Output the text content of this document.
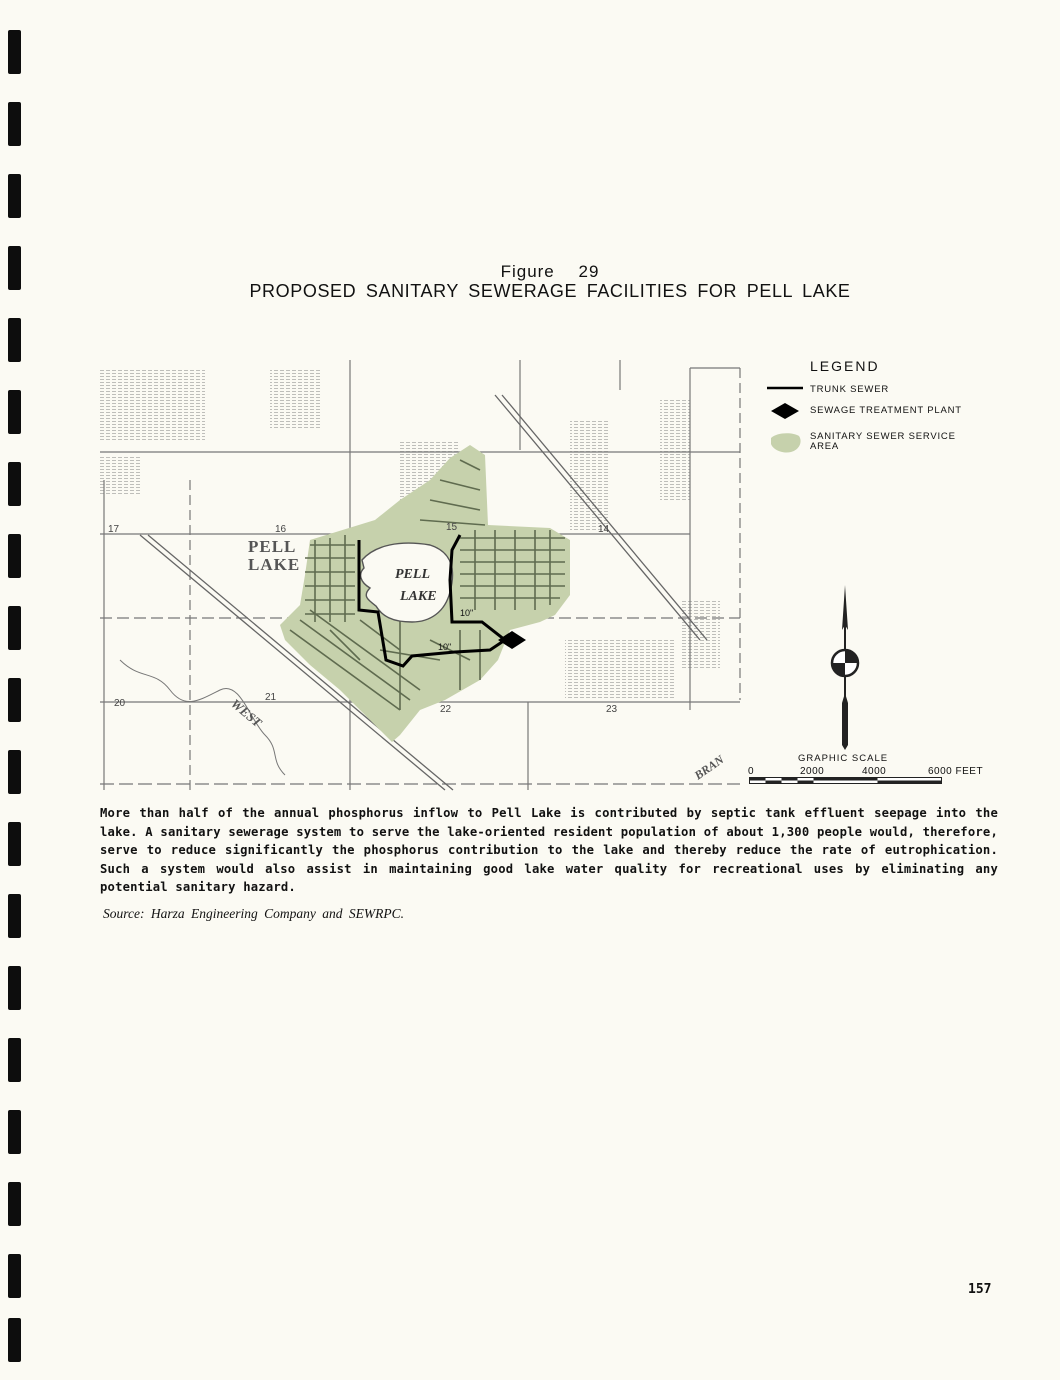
Figure 29
PROPOSED SANITARY SEWERAGE FACILITIES FOR PELL LAKE
PELL
LAKE
PELL
LAKE
16	15	14
17
20
21
22	23
WEST
BRAN
10"
10"
LEGEND
TRUNK SEWER
SEWAGE TREATMENT PLANT
SANITARY SEWER SERVICE
AREA
GRAPHIC SCALE
0	2000	4000	6000 FEET
More than half of the annual phosphorus inflow to Pell Lake is contributed by septic tank effluent seepage into the lake. A sanitary sewerage system to serve the lake-oriented resident population of about 1,300 people would, therefore, serve to reduce significantly the phosphorus contribution to the lake and thereby reduce the rate of eutrophication. Such a system would also assist in maintaining good lake water quality for recreational uses by eliminating any potential sanitary hazard.
Source: Harza Engineering Company and SEWRPC.
157
